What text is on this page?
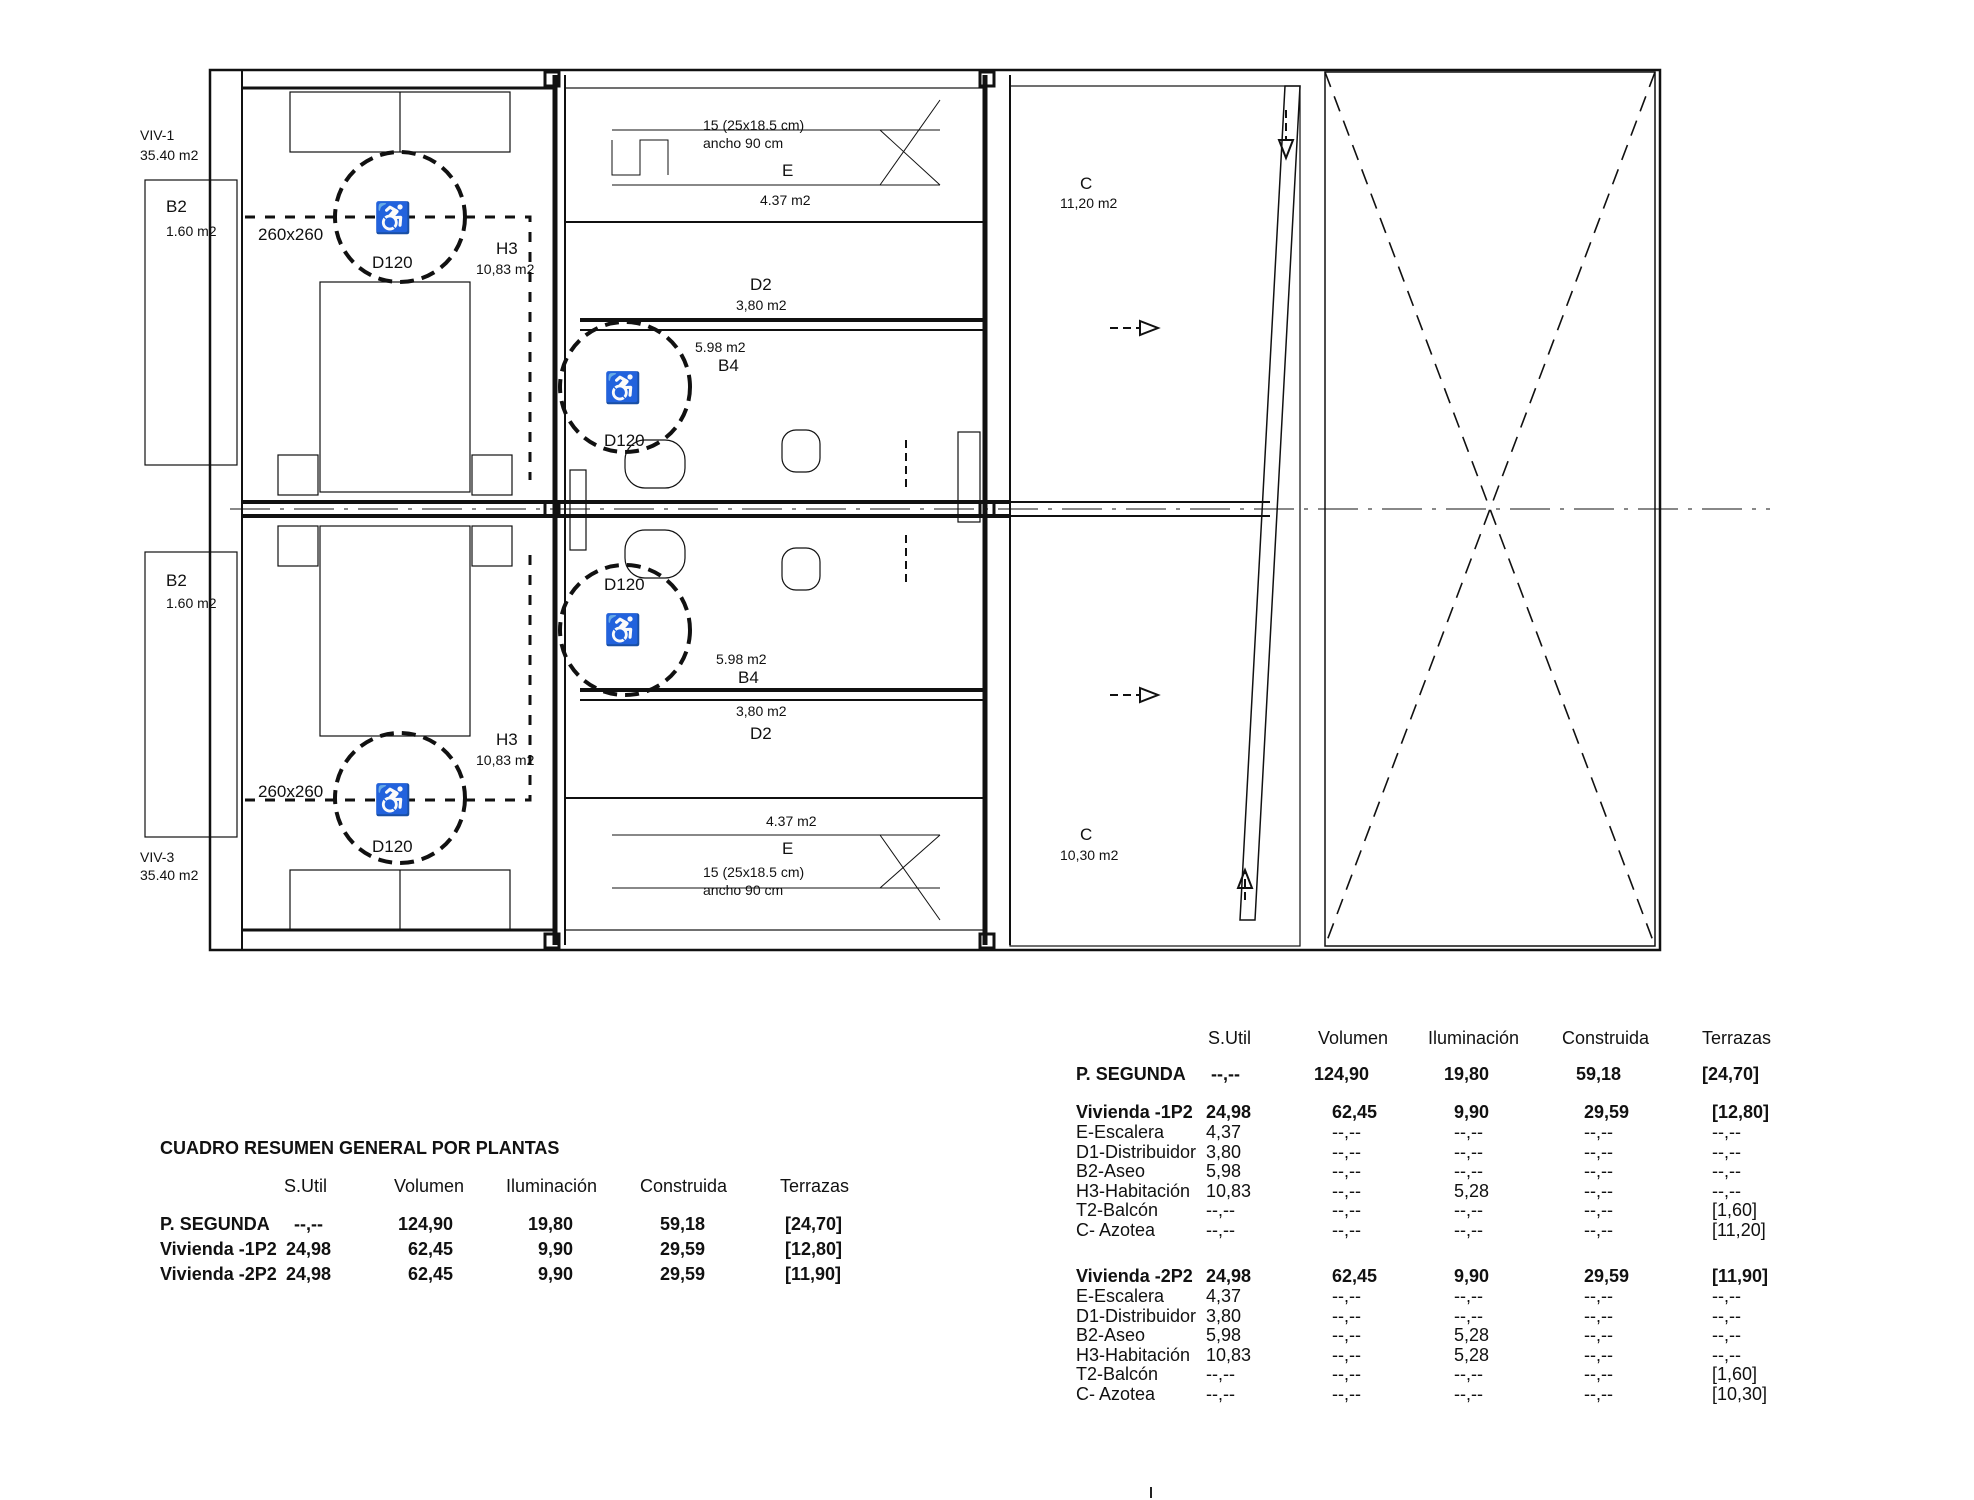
♿
♿
♿
♿
VIV-1
35.40 m2
B2
1.60 m2 260x260
D120
H3
10,83 m2
15 (25x18.5 cm)
ancho 90 cm
E
4.37 m2
D2
3,80 m2
5.98 m2
B4
D120
C
11,20 m2
B2
1.60 m2
H3
10,83 m2
260x260
D120
VIV-3
35.40 m2
D120
5.98 m2
B4
3,80 m2
D2
4.37 m2
E
15 (25x18.5 cm)
ancho 90 cm
C
10,30 m2
CUADRO RESUMEN GENERAL POR PLANTAS
S.Util	Volumen Iluminación Construida	Terrazas
P. SEGUNDA --,--	124,90	19,80	59,18	[24,70]
Vivienda -1P2 24,98	62,45	9,90	29,59	[12,80]
Vivienda -2P2 24,98	62,45	9,90	29,59	[11,90]
S.Util	Volumen Iluminación Construida	Terrazas
P. SEGUNDA --,--	124,90	19,80	59,18	[24,70]
Vivienda -1P2 24,98	62,45	9,90	29,59	[12,80]
E-Escalera 4,37	--,--	--,--	--,--	--,--
D1-Distribuidor 3,80	--,--	--,--	--,--	--,--
B2-Aseo	5,98	--,--	--,--	--,--	--,--
H3-Habitación 10,83	--,--	5,28	--,--	--,--
T2-Balcón	--,--	--,--	--,--	--,--	[1,60]
C- Azotea	--,--	--,--	--,--	--,--	[11,20]
Vivienda -2P2 24,98	62,45	9,90	29,59	[11,90]
E-Escalera 4,37	--,--	--,--	--,--	--,--
D1-Distribuidor 3,80	--,--	--,--	--,--	--,--
B2-Aseo	5,98	--,--	5,28	--,--	--,--
H3-Habitación 10,83	--,--	5,28	--,--	--,--
T2-Balcón	--,--	--,--	--,--	--,--	[1,60]
C- Azotea	--,--	--,--	--,--	--,--	[10,30]
